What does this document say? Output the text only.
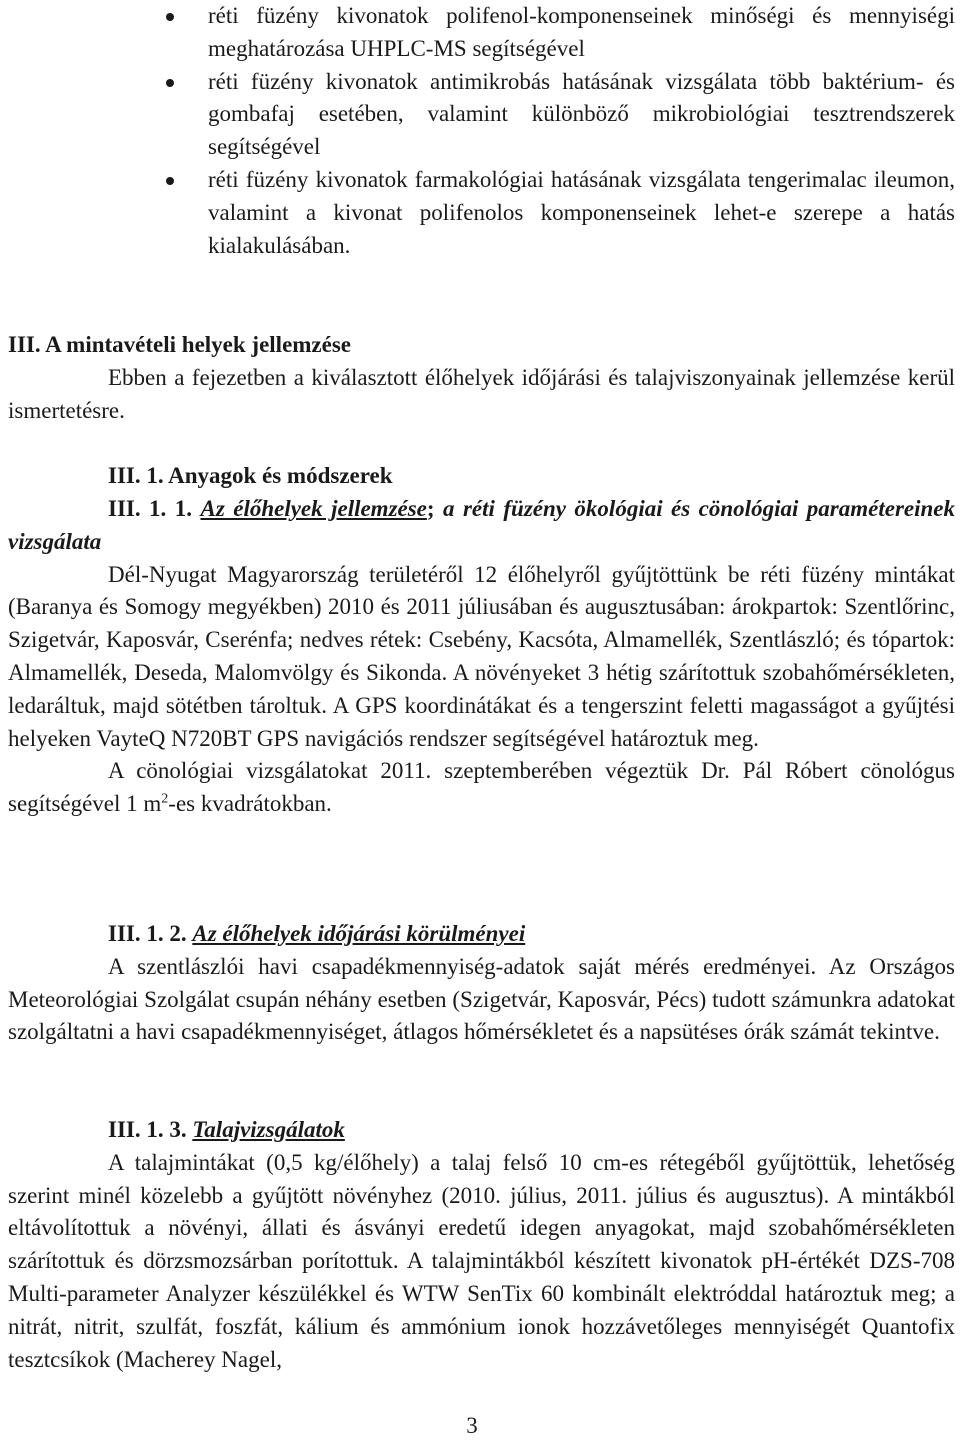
réti füzény kivonatok polifenol-komponenseinek minőségi és mennyiségi meghatározása UHPLC-MS segítségével
réti füzény kivonatok antimikrobás hatásának vizsgálata több baktérium- és gombafaj esetében, valamint különböző mikrobiológiai tesztrendszerek segítségével
réti füzény kivonatok farmakológiai hatásának vizsgálata tengerimalac ileumon, valamint a kivonat polifenolos komponenseinek lehet-e szerepe a hatás kialakulásában.

III. A mintavételi helyek jellemzése

Ebben a fejezetben a kiválasztott élőhelyek időjárási és talajviszonyainak jellemzése kerül ismertetésre.

III. 1. Anyagok és módszerek

III. 1. 1. Az élőhelyek jellemzése; a réti füzény ökológiai és cönológiai paramétereinek vizsgálata

Dél-Nyugat Magyarország területéről 12 élőhelyről gyűjtöttünk be réti füzény mintákat (Baranya és Somogy megyékben) 2010 és 2011 júliusában és augusztusában: árokpartok: Szentlőrinc, Szigetvár, Kaposvár, Cserénfa; nedves rétek: Csebény, Kacsóta, Almamellék, Szentlászló; és tópartok: Almamellék, Deseda, Malomvölgy és Sikonda. A növényeket 3 hétig szárítottuk szobahőmérsékleten, ledaráltuk, majd sötétben tároltuk. A GPS koordinátákat és a tengerszint feletti magasságot a gyűjtési helyeken VayteQ N720BT GPS navigációs rendszer segítségével határoztuk meg.

A cönológiai vizsgálatokat 2011. szeptemberében végeztük Dr. Pál Róbert cönológus segítségével 1 $m^2-es$ kvadrátokban.

III. 1. 2. Az élőhelyek időjárási körülményei

A szentlászlói havi csapadékmennyiség-adatok saját mérés eredményei. Az Országos Meteorológiai Szolgálat csupán néhány esetben (Szigetvár, Kaposvár, Pécs) tudott számunkra adatokat szolgáltatni a havi csapadékmennyiséget, átlagos hőmérsékletet és a napsütéses órák számát tekintve.

III. 1. 3. Talajvizsgálatok

A talajmintákat (0,5 kg/élőhely) a talaj felső 10 cm-es rétegéből gyűjtöttük, lehetőség szerint minél közelebb a gyűjtött növényhez (2010. július, 2011. július és augusztus). A mintákból eltávolítottuk a növényi, állati és ásványi eredetű idegen anyagokat, majd szobahőmérsékleten szárítottuk és dörzsmozsárban porítottuk. A talajmintákból készített kivonatok pH-értékét DZS-708 Multi-parameter Analyzer készülékkel és WTW SenTix 60 kombinált elektróddal határoztuk meg; a nitrát, nitrit, szulfát, foszfát, kálium és ammónium ionok hozzávetőleges mennyiségét Quantofix tesztcsíkok (Macherey Nagel,

3
